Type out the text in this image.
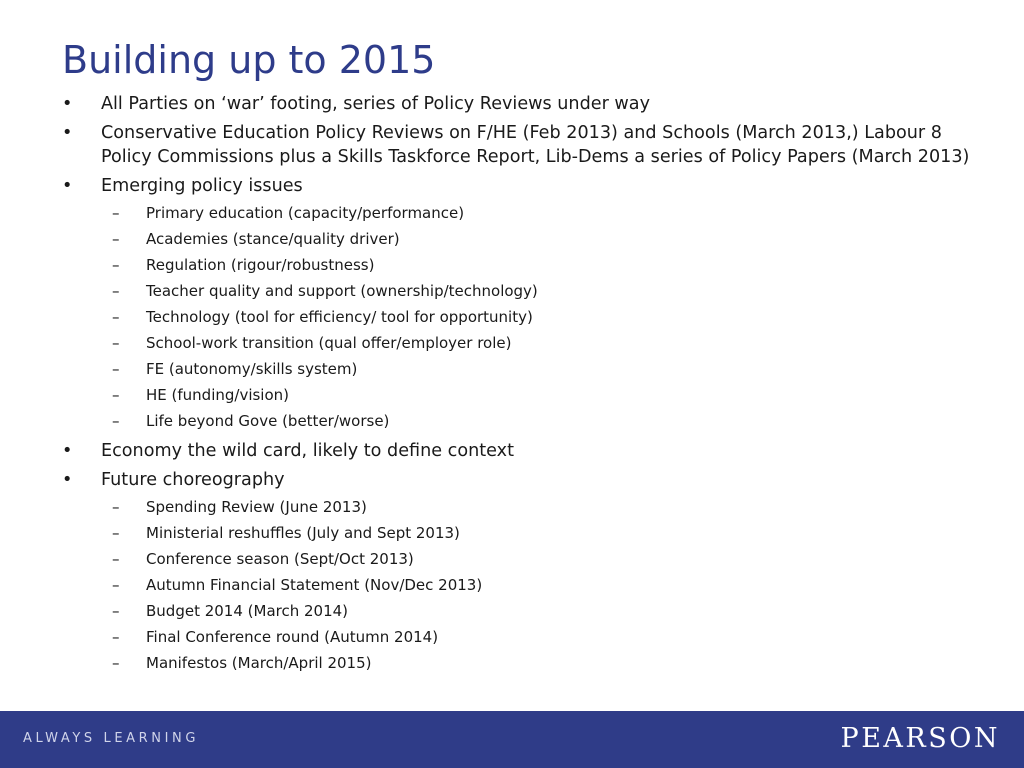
Building up to 2015
•	All Parties on ‘war’ footing, series of Policy Reviews under way
•	Conservative Education Policy Reviews on F/HE (Feb 2013) and Schools (March 2013,) Labour 8 Policy Commissions plus a Skills Taskforce Report, Lib-Dems a series of Policy Papers (March 2013)
•	Emerging policy issues
– Primary education (capacity/performance)
– Academies (stance/quality driver)
– Regulation (rigour/robustness)
– Teacher quality and support (ownership/technology)
– Technology (tool for efficiency/ tool for opportunity)
– School-work transition (qual offer/employer role)
– FE (autonomy/skills system)
– HE (funding/vision)
– Life beyond Gove (better/worse)
•	Economy the wild card, likely to define context
•	Future choreography
– Spending Review (June 2013)
– Ministerial reshuffles (July and Sept 2013)
– Conference season (Sept/Oct 2013)
– Autumn Financial Statement (Nov/Dec 2013)
– Budget 2014 (March 2014)
– Final Conference round (Autumn 2014)
– Manifestos (March/April 2015)
ALWAYS LEARNING	PEARSON
